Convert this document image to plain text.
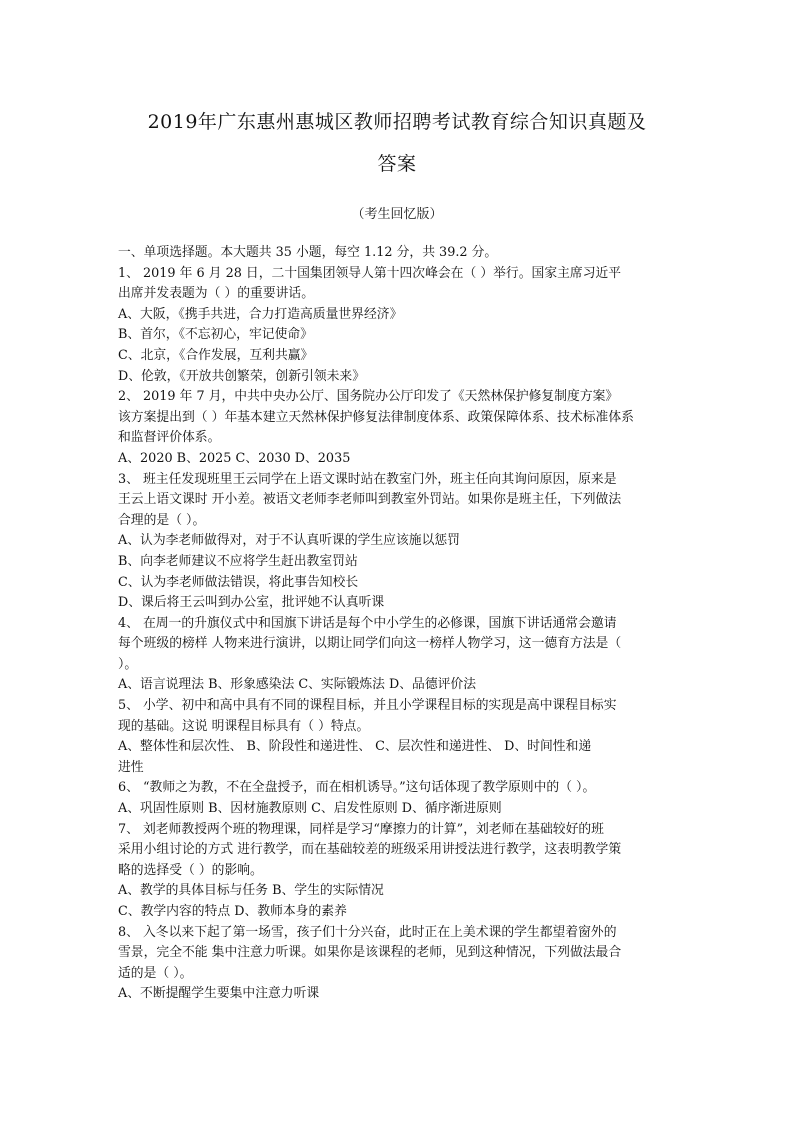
2019年广东惠州惠城区教师招聘考试教育综合知识真题及
答案
（考生回忆版）
一、单项选择题。本大题共 35 小题，每空 1.12 分，共 39.2 分。
1、 2019 年 6 月 28 日，二十国集团领导人第十四次峰会在（ ）举行。国家主席习近平
出席并发表题为（ ）的重要讲话。
A、大阪，《携手共进，合力打造高质量世界经济》
B、首尔，《不忘初心，牢记使命》
C、北京，《合作发展，互利共赢》
D、伦敦，《开放共创繁荣，创新引领未来》
2、 2019 年 7 月，中共中央办公厅、国务院办公厅印发了《天然林保护修复制度方案》
该方案提出到（ ）年基本建立天然林保护修复法律制度体系、政策保障体系、技术标准体系
和监督评价体系。
A、2020 B、2025 C、2030 D、2035
3、 班主任发现班里王云同学在上语文课时站在教室门外，班主任向其询问原因，原来是
王云上语文课时 开小差。被语文老师李老师叫到教室外罚站。如果你是班主任，下列做法
合理的是（ ）。
A、认为李老师做得对，对于不认真听课的学生应该施以惩罚
B、向李老师建议不应将学生赶出教室罚站
C、认为李老师做法错误，将此事告知校长
D、课后将王云叫到办公室，批评她不认真听课
4、 在周一的升旗仪式中和国旗下讲话是每个中小学生的必修课，国旗下讲话通常会邀请
每个班级的榜样 人物来进行演讲，以期让同学们向这一榜样人物学习，这一德育方法是（
）。
A、语言说理法 B、形象感染法 C、实际锻炼法 D、品德评价法
5、 小学、初中和高中具有不同的课程目标，并且小学课程目标的实现是高中课程目标实
现的基础。这说 明课程目标具有（ ）特点。
A、整体性和层次性、 B、阶段性和递进性、 C、层次性和递进性、 D、时间性和递
进性
6、 “教师之为教，不在全盘授予，而在相机诱导。”这句话体现了教学原则中的（ ）。
A、巩固性原则 B、因材施教原则 C、启发性原则 D、循序渐进原则
7、 刘老师教授两个班的物理课，同样是学习“摩擦力的计算”，刘老师在基础较好的班
采用小组讨论的方式 进行教学，而在基础较差的班级采用讲授法进行教学，这表明教学策
略的选择受（ ）的影响。
A、教学的具体目标与任务 B、学生的实际情况
C、教学内容的特点 D、教师本身的素养
8、 入冬以来下起了第一场雪，孩子们十分兴奋，此时正在上美术课的学生都望着窗外的
雪景，完全不能 集中注意力听课。如果你是该课程的老师，见到这种情况，下列做法最合
适的是（ ）。
A、不断提醒学生要集中注意力听课
